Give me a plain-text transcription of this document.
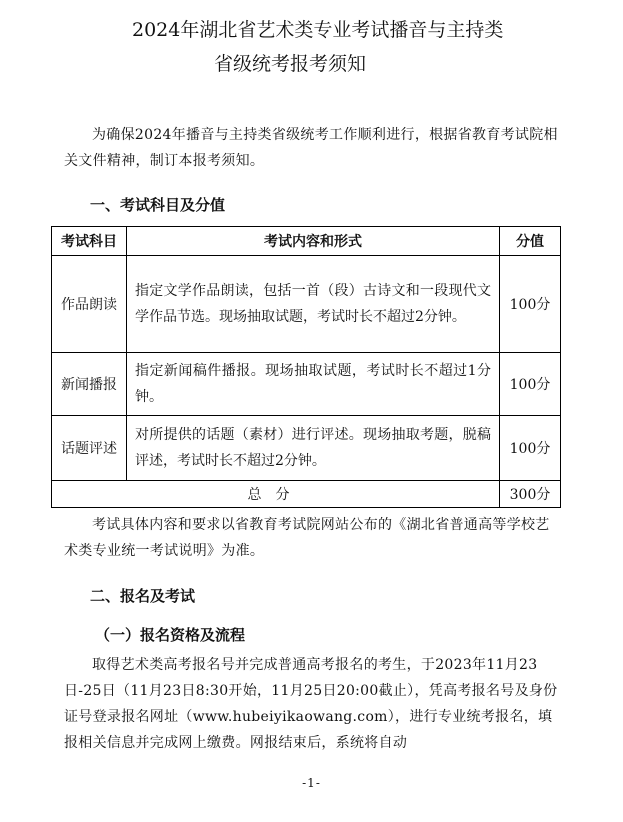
2024年湖北省艺术类专业考试播音与主持类
省级统考报考须知
为确保2024年播音与主持类省级统考工作顺利进行，根据省教育考试院相关文件精神，制订本报考须知。
一、考试科目及分值
考试科目	考试内容和形式	分值
作品朗读	指定文学作品朗读，包括一首（段）古诗文和一段现代文学作品节选。现场抽取试题，考试时长不超过2分钟。	100分
新闻播报	指定新闻稿件播报。现场抽取试题，考试时长不超过1分钟。	100分
话题评述	对所提供的话题（素材）进行评述。现场抽取考题，脱稿评述，考试时长不超过2分钟。	100分
总分		300分
考试具体内容和要求以省教育考试院网站公布的《湖北省普通高等学校艺术类专业统一考试说明》为准。
二、报名及考试
（一）报名资格及流程
取得艺术类高考报名号并完成普通高考报名的考生，于2023年11月23日-25日（11月23日8:30开始，11月25日20:00截止），凭高考报名号及身份证号登录报名网址（www.hubeiyikaowang.com），进行专业统考报名，填报相关信息并完成网上缴费。网报结束后，系统将自动
-1-
